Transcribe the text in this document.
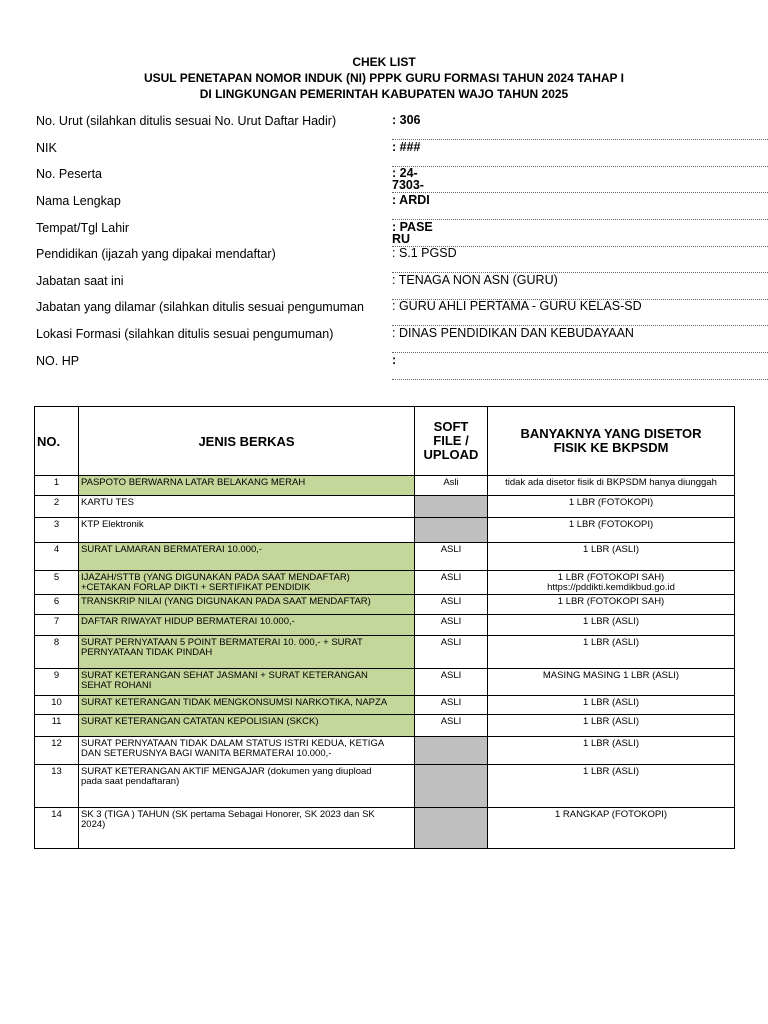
CHEK LIST
USUL PENETAPAN NOMOR INDUK (NI) PPPK GURU FORMASI TAHUN 2024 TAHAP I
DI LINGKUNGAN PEMERINTAH KABUPATEN WAJO TAHUN 2025
No. Urut (silahkan ditulis sesuai No. Urut Daftar Hadir)	: 306
NIK	: ###
No. Peserta	: 24-
7303-
Nama Lengkap	: ARDI
Tempat/Tgl Lahir	: PASE
RU
Pendidikan (ijazah yang dipakai mendaftar)	: S.1 PGSD
Jabatan saat ini	: TENAGA NON ASN (GURU)
Jabatan yang dilamar (silahkan ditulis sesuai pengumuman : GURU AHLI PERTAMA - GURU KELAS-SD
Lokasi Formasi (silahkan ditulis sesuai pengumuman)	: DINAS PENDIDIKAN DAN KEBUDAYAAN
NO. HP	:
NO.	JENIS BERKAS	SOFT
FILE /
UPLOAD	BANYAKNYA YANG DISETOR
FISIK KE BKPSDM
1	PASPOTO BERWARNA LATAR BELAKANG MERAH	Asli	tidak ada disetor fisik di BKPSDM hanya diunggah
2	KARTU TES		1 LBR (FOTOKOPI)
3	KTP Elektronik		1 LBR (FOTOKOPI)
4	SURAT LAMARAN BERMATERAI 10.000,-	ASLI	1 LBR (ASLI)
5	IJAZAH/STTB (YANG DIGUNAKAN PADA SAAT MENDAFTAR)
+CETAKAN FORLAP DIKTI + SERTIFIKAT PENDIDIK	ASLI	1 LBR (FOTOKOPI SAH)
https://pddikti.kemdikbud.go.id
6	TRANSKRIP NILAI (YANG DIGUNAKAN PADA SAAT MENDAFTAR)	ASLI	1 LBR (FOTOKOPI SAH)
7	DAFTAR RIWAYAT HIDUP BERMATERAI 10.000,-	ASLI	1 LBR (ASLI)
8	SURAT PERNYATAAN 5 POINT BERMATERAI 10. 000,- + SURAT
PERNYATAAN TIDAK PINDAH	ASLI	1 LBR (ASLI)
9	SURAT KETERANGAN SEHAT JASMANI + SURAT KETERANGAN
SEHAT ROHANI	ASLI	MASING MASING 1 LBR (ASLI)
10	SURAT KETERANGAN TIDAK MENGKONSUMSI NARKOTIKA, NAPZA	ASLI	1 LBR (ASLI)
11	SURAT KETERANGAN CATATAN KEPOLISIAN (SKCK)	ASLI	1 LBR (ASLI)
12	SURAT PERNYATAAN TIDAK DALAM STATUS ISTRI KEDUA, KETIGA
DAN SETERUSNYA BAGI WANITA BERMATERAI 10.000,-		1 LBR (ASLI)
13	SURAT KETERANGAN AKTIF MENGAJAR (dokumen yang diupload
pada saat pendaftaran)		1 LBR (ASLI)
14	SK 3 (TIGA ) TAHUN (SK pertama Sebagai Honorer, SK 2023 dan SK
2024)		1 RANGKAP (FOTOKOPI)
